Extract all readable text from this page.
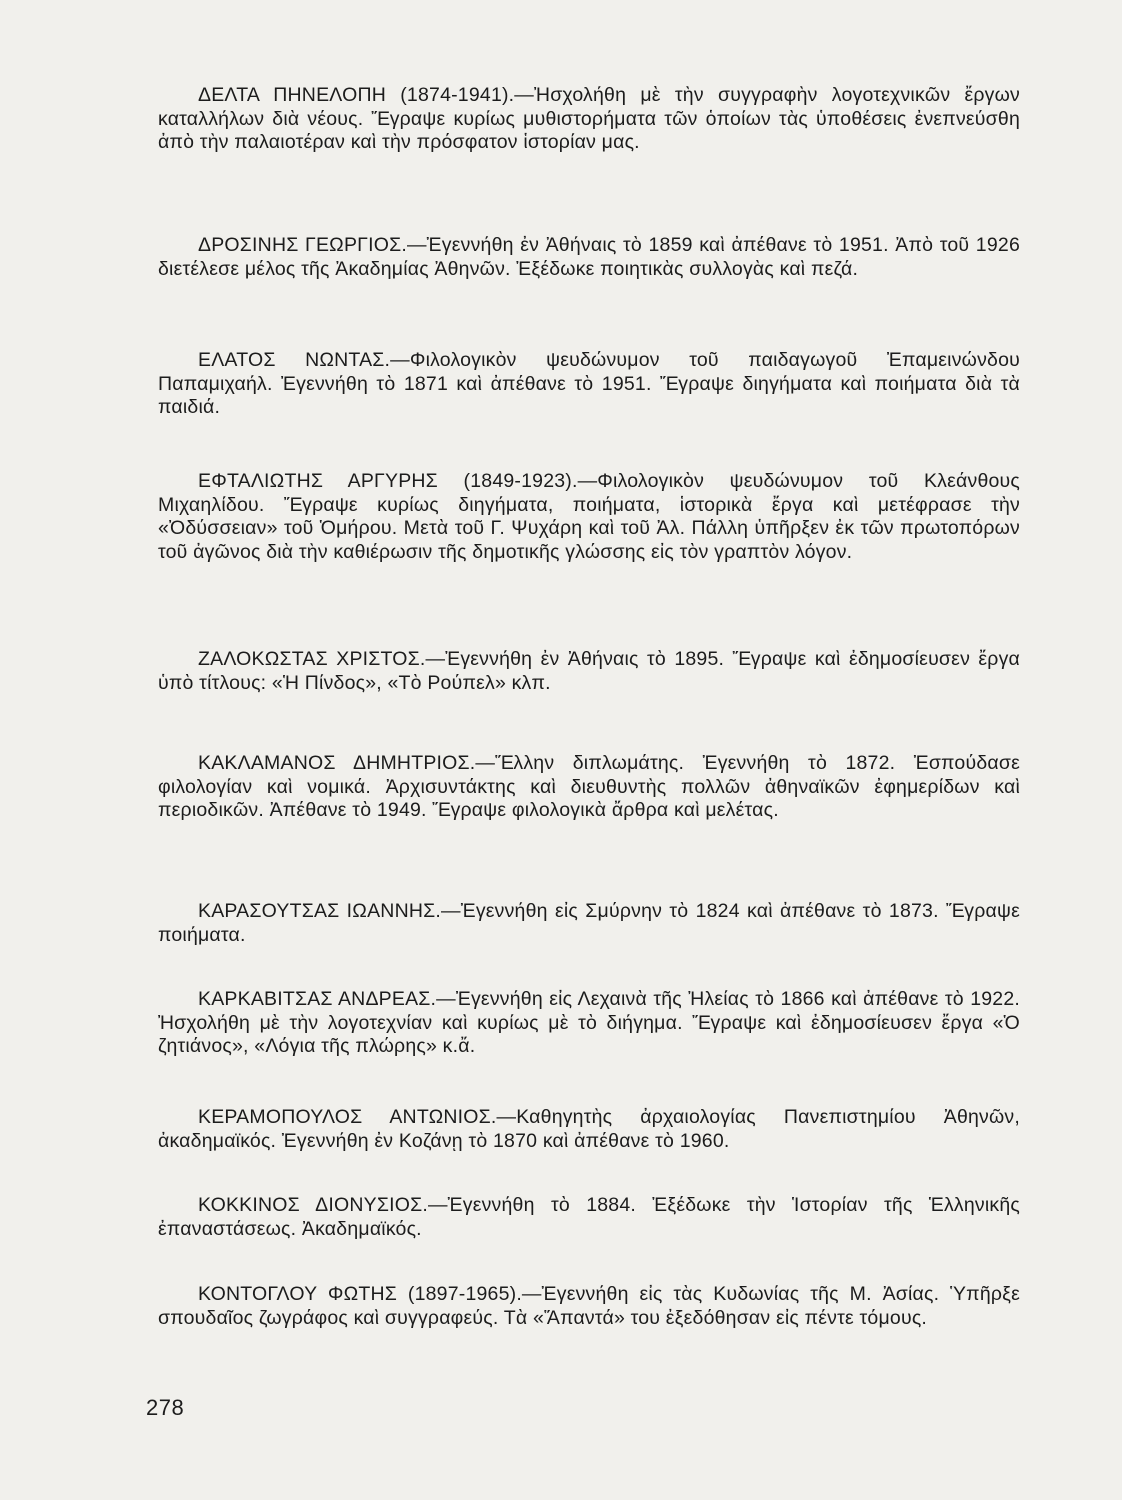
ΔΕΛΤΑ ΠΗΝΕΛΟΠΗ (1874-1941).—Ἠσχολήθη μὲ τὴν συγγραφὴν λογοτεχνικῶν ἔργων καταλλήλων διὰ νέους. Ἔγραψε κυρίως μυθιστορήματα τῶν ὁποίων τὰς ὑποθέσεις ἐνεπνεύσθη ἀπὸ τὴν παλαιοτέραν καὶ τὴν πρόσφατον ἱστορίαν μας.

ΔΡΟΣΙΝΗΣ ΓΕΩΡΓΙΟΣ.—Ἐγεννήθη ἐν Ἀθήναις τὸ 1859 καὶ ἀπέθανε τὸ 1951. Ἀπὸ τοῦ 1926 διετέλεσε μέλος τῆς Ἀκαδημίας Ἀθηνῶν. Ἐξέδωκε ποιητικὰς συλλογὰς καὶ πεζά.

ΕΛΑΤΟΣ ΝΩΝΤΑΣ.—Φιλολογικὸν ψευδώνυμον τοῦ παιδαγωγοῦ Ἐπαμεινώνδου Παπαμιχαήλ. Ἐγεννήθη τὸ 1871 καὶ ἀπέθανε τὸ 1951. Ἔγραψε διηγήματα καὶ ποιήματα διὰ τὰ παιδιά.

ΕΦΤΑΛΙΩΤΗΣ ΑΡΓΥΡΗΣ (1849-1923).—Φιλολογικὸν ψευδώνυμον τοῦ Κλεάνθους Μιχαηλίδου. Ἔγραψε κυρίως διηγήματα, ποιήματα, ἱστορικὰ ἔργα καὶ μετέφρασε τὴν «Ὀδύσσειαν» τοῦ Ὁμήρου. Μετὰ τοῦ Γ. Ψυχάρη καὶ τοῦ Ἀλ. Πάλλη ὑπῆρξεν ἐκ τῶν πρωτοπόρων τοῦ ἀγῶνος διὰ τὴν καθιέρωσιν τῆς δημοτικῆς γλώσσης εἰς τὸν γραπτὸν λόγον.

ΖΑΛΟΚΩΣΤΑΣ ΧΡΙΣΤΟΣ.—Ἐγεννήθη ἐν Ἀθήναις τὸ 1895. Ἔγραψε καὶ ἐδημοσίευσεν ἔργα ὑπὸ τίτλους: «Ἡ Πίνδος», «Τὸ Ρούπελ» κλπ.

ΚΑΚΛΑΜΑΝΟΣ ΔΗΜΗΤΡΙΟΣ.—Ἕλλην διπλωμάτης. Ἐγεννήθη τὸ 1872. Ἐσπούδασε φιλολογίαν καὶ νομικά. Ἀρχισυντάκτης καὶ διευθυντὴς πολλῶν ἀθηναϊκῶν ἐφημερίδων καὶ περιοδικῶν. Ἀπέθανε τὸ 1949. Ἔγραψε φιλολογικὰ ἄρθρα καὶ μελέτας.

ΚΑΡΑΣΟΥΤΣΑΣ ΙΩΑΝΝΗΣ.—Ἐγεννήθη εἰς Σμύρνην τὸ 1824 καὶ ἀπέθανε τὸ 1873. Ἔγραψε ποιήματα.

ΚΑΡΚΑΒΙΤΣΑΣ ΑΝΔΡΕΑΣ.—Ἐγεννήθη εἰς Λεχαινὰ τῆς Ἠλείας τὸ 1866 καὶ ἀπέθανε τὸ 1922. Ἠσχολήθη μὲ τὴν λογοτεχνίαν καὶ κυρίως μὲ τὸ διήγημα. Ἔγραψε καὶ ἐδημοσίευσεν ἔργα «Ὁ ζητιάνος», «Λόγια τῆς πλώρης» κ.ἄ.

ΚΕΡΑΜΟΠΟΥΛΟΣ ΑΝΤΩΝΙΟΣ.—Καθηγητὴς ἀρχαιολογίας Πανεπιστημίου Ἀθηνῶν, ἀκαδημαϊκός. Ἐγεννήθη ἐν Κοζάνῃ τὸ 1870 καὶ ἀπέθανε τὸ 1960.

ΚΟΚΚΙΝΟΣ ΔΙΟΝΥΣΙΟΣ.—Ἐγεννήθη τὸ 1884. Ἐξέδωκε τὴν Ἱστορίαν τῆς Ἑλληνικῆς ἐπαναστάσεως. Ἀκαδημαϊκός.

ΚΟΝΤΟΓΛΟΥ ΦΩΤΗΣ (1897-1965).—Ἐγεννήθη εἰς τὰς Κυδωνίας τῆς Μ. Ἀσίας. Ὑπῆρξε σπουδαῖος ζωγράφος καὶ συγγραφεύς. Τὰ «Ἅπαντά» του ἐξεδόθησαν εἰς πέντε τόμους.

278
